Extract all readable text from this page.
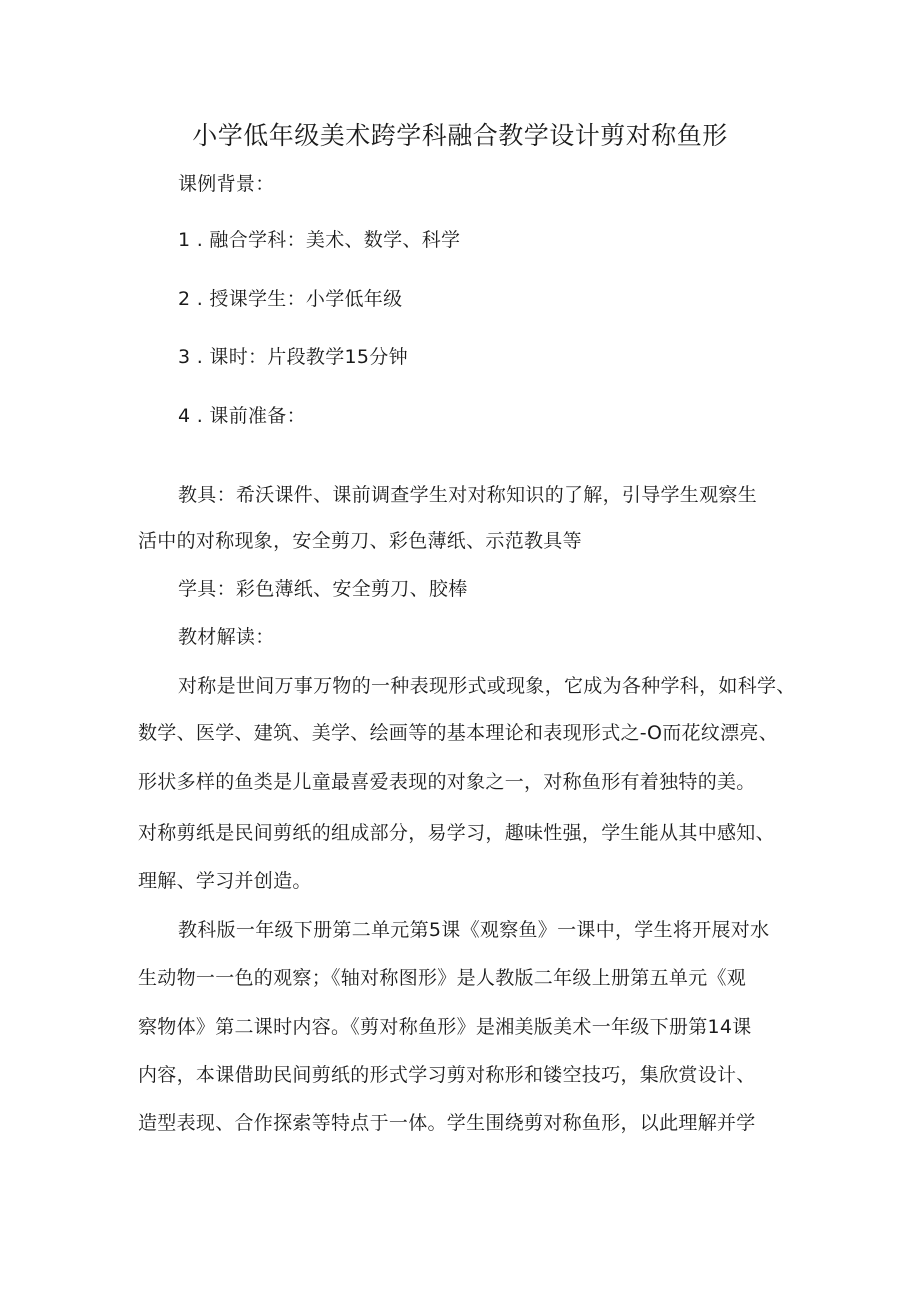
小学低年级美术跨学科融合教学设计剪对称鱼形
课例背景：
1 . 融合学科：美术、数学、科学
2 . 授课学生：小学低年级
3 . 课时：片段教学15分钟
4 . 课前准备：
教具：希沃课件、课前调查学生对对称知识的了解，引导学生观察生
活中的对称现象，安全剪刀、彩色薄纸、示范教具等
学具：彩色薄纸、安全剪刀、胶棒
教材解读：
对称是世间万事万物的一种表现形式或现象，它成为各种学科，如科学、
数学、医学、建筑、美学、绘画等的基本理论和表现形式之-O而花纹漂亮、
形状多样的鱼类是儿童最喜爱表现的对象之一，对称鱼形有着独特的美。
对称剪纸是民间剪纸的组成部分，易学习，趣味性强，学生能从其中感知、
理解、学习并创造。
教科版一年级下册第二单元第5课《观察鱼》一课中，学生将开展对水
生动物一一色的观察；《轴对称图形》是人教版二年级上册第五单元《观
察物体》第二课时内容。《剪对称鱼形》是湘美版美术一年级下册第14课
内容，本课借助民间剪纸的形式学习剪对称形和镂空技巧，集欣赏设计、
造型表现、合作探索等特点于一体。学生围绕剪对称鱼形，以此理解并学
